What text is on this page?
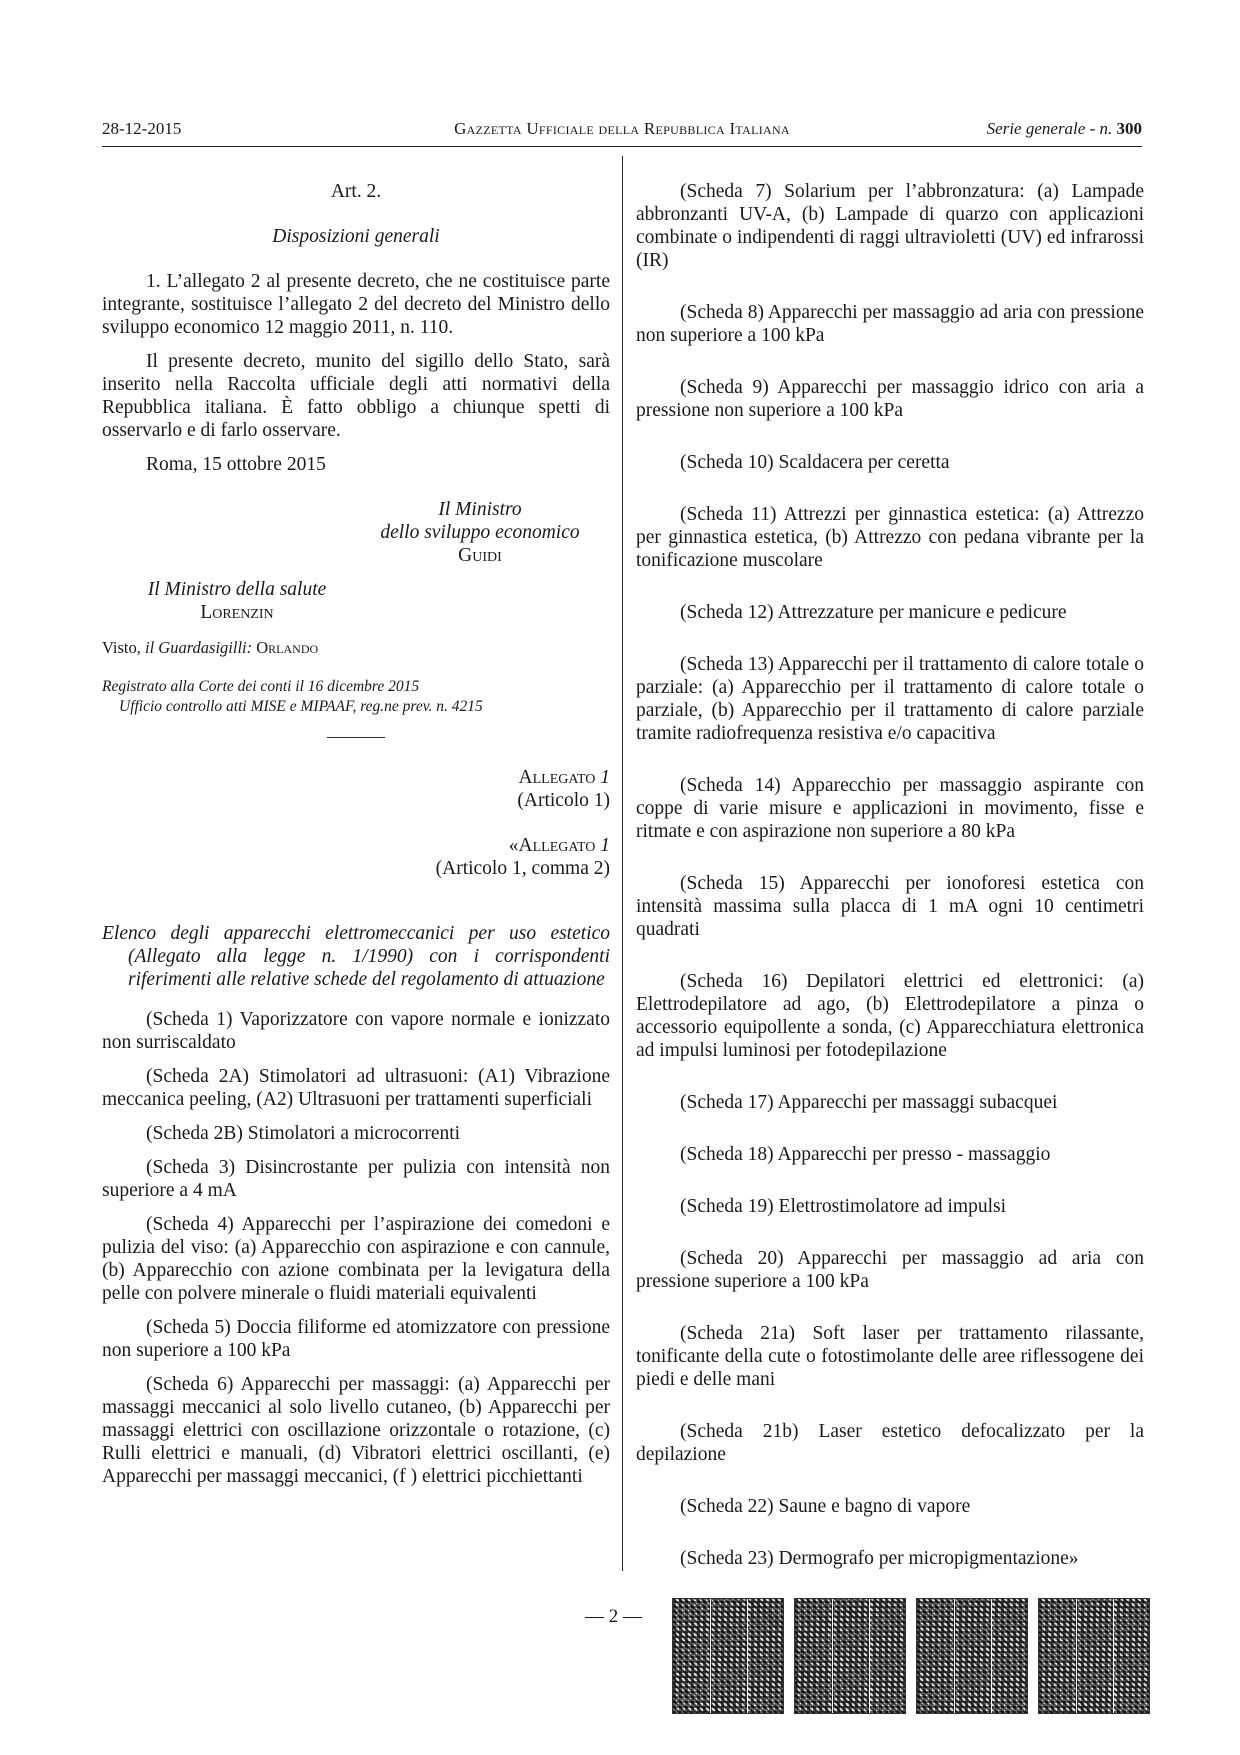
28-12-2015	Gazzetta Ufficiale della Repubblica Italiana	Serie generale - n. 300

Art. 2.

Disposizioni generali

1. L’allegato 2 al presente decreto, che ne costituisce parte integrante, sostituisce l’allegato 2 del decreto del Ministro dello sviluppo economico 12 maggio 2011, n. 110.

Il presente decreto, munito del sigillo dello Stato, sarà inserito nella Raccolta ufficiale degli atti normativi della Repubblica italiana. È fatto obbligo a chiunque spetti di osservarlo e di farlo osservare.

Roma, 15 ottobre 2015

Il Ministro
dello sviluppo economico
Guidi
Il Ministro della salute
Lorenzin

Visto, il Guardasigilli: Orlando

Registrato alla Corte dei conti il 16 dicembre 2015

Ufficio controllo atti MISE e MIPAAF, reg.ne prev. n. 4215

Allegato 1

(Articolo 1)

«Allegato 1

(Articolo 1, comma 2)

Elenco degli apparecchi elettromeccanici per uso estetico (Allegato alla legge n. 1/1990) con i corrispondenti riferimenti alle relative schede del regolamento di attuazione

(Scheda 1) Vaporizzatore con vapore normale e ionizzato non surriscaldato

(Scheda 2A) Stimolatori ad ultrasuoni: (A1) Vibrazione meccanica peeling, (A2) Ultrasuoni per trattamenti superficiali

(Scheda 2B) Stimolatori a microcorrenti

(Scheda 3) Disincrostante per pulizia con intensità non superiore a 4 mA

(Scheda 4) Apparecchi per l’aspirazione dei comedoni e pulizia del viso: (a) Apparecchio con aspirazione e con cannule, (b) Apparecchio con azione combinata per la levigatura della pelle con polvere minerale o fluidi materiali equivalenti

(Scheda 5) Doccia filiforme ed atomizzatore con pressione non superiore a 100 kPa

(Scheda 6) Apparecchi per massaggi: (a) Apparecchi per massaggi meccanici al solo livello cutaneo, (b) Apparecchi per massaggi elettrici con oscillazione orizzontale o rotazione, (c) Rulli elettrici e manuali, (d) Vibratori elettrici oscillanti, (e) Apparecchi per massaggi meccanici, (f ) elettrici picchiettanti

(Scheda 7) Solarium per l’abbronzatura: (a) Lampade abbronzanti UV-A, (b) Lampade di quarzo con applicazioni combinate o indipendenti di raggi ultravioletti (UV) ed infrarossi (IR)

(Scheda 8) Apparecchi per massaggio ad aria con pressione non superiore a 100 kPa

(Scheda 9) Apparecchi per massaggio idrico con aria a pressione non superiore a 100 kPa

(Scheda 10) Scaldacera per ceretta

(Scheda 11) Attrezzi per ginnastica estetica: (a) Attrezzo per ginnastica estetica, (b) Attrezzo con pedana vibrante per la tonificazione muscolare

(Scheda 12) Attrezzature per manicure e pedicure

(Scheda 13) Apparecchi per il trattamento di calore totale o parziale: (a) Apparecchio per il trattamento di calore totale o parziale, (b) Apparecchio per il trattamento di calore parziale tramite radiofrequenza resistiva e/o capacitiva

(Scheda 14) Apparecchio per massaggio aspirante con coppe di varie misure e applicazioni in movimento, fisse e ritmate e con aspirazione non superiore a 80 kPa

(Scheda 15) Apparecchi per ionoforesi estetica con intensità massima sulla placca di 1 mA ogni 10 centimetri quadrati

(Scheda 16) Depilatori elettrici ed elettronici: (a) Elettrodepilatore ad ago, (b) Elettrodepilatore a pinza o accessorio equipollente a sonda, (c) Apparecchiatura elettronica ad impulsi luminosi per fotodepilazione

(Scheda 17) Apparecchi per massaggi subacquei

(Scheda 18) Apparecchi per presso - massaggio

(Scheda 19) Elettrostimolatore ad impulsi

(Scheda 20) Apparecchi per massaggio ad aria con pressione superiore a 100 kPa

(Scheda 21a) Soft laser per trattamento rilassante, tonificante della cute o fotostimolante delle aree riflessogene dei piedi e delle mani

(Scheda 21b) Laser estetico defocalizzato per la depilazione

(Scheda 22) Saune e bagno di vapore

(Scheda 23) Dermografo per micropigmentazione»

— 2 —
